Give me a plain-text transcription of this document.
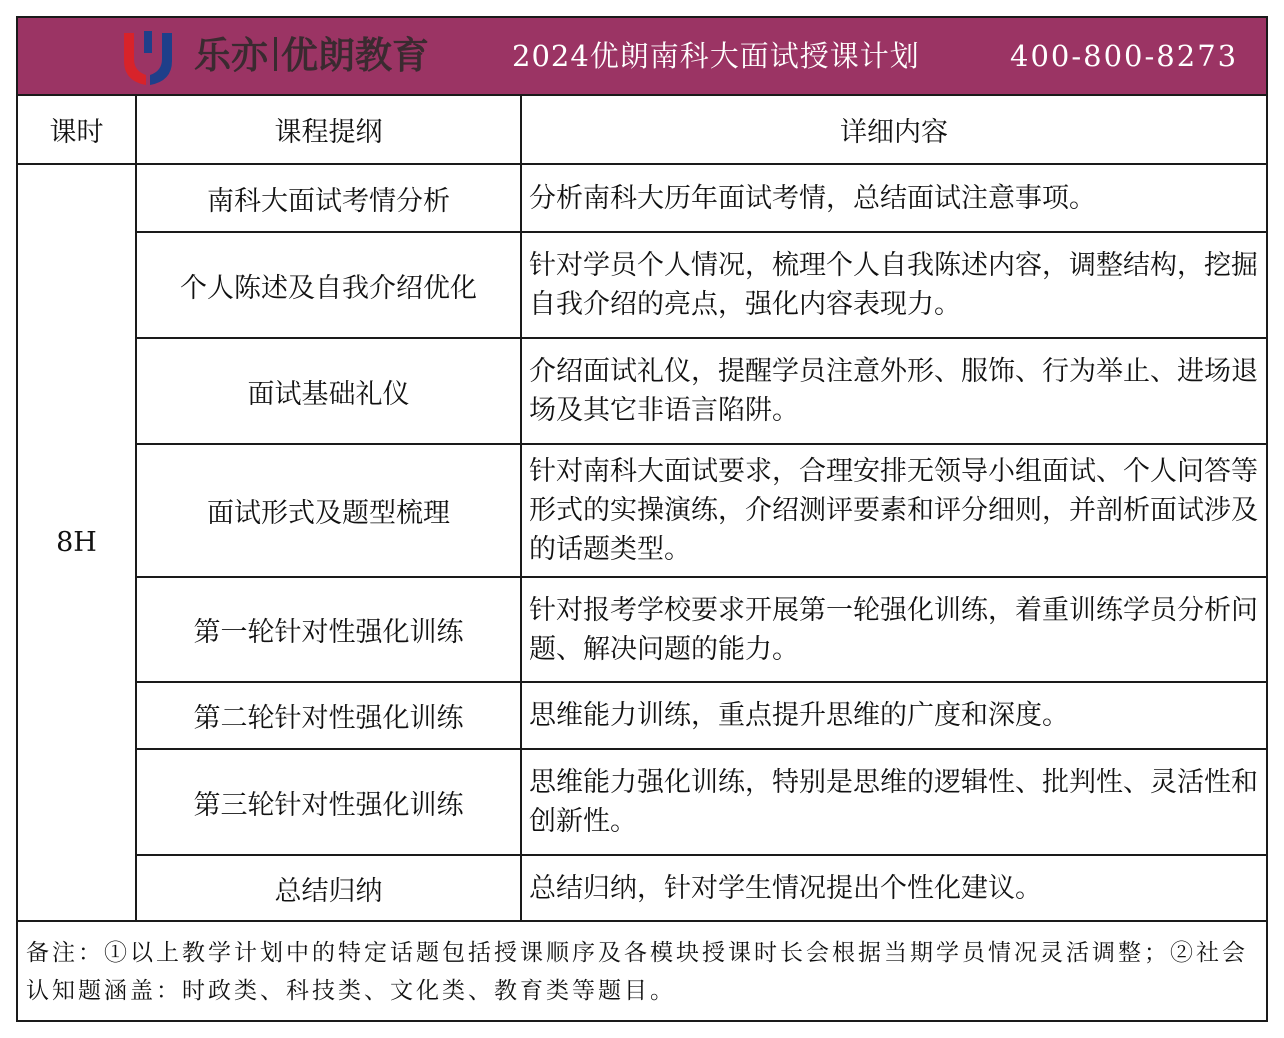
乐亦 优朗教育	2024优朗南科大面试授课计划	400-800-8273
课时	课程提纲	详细内容
8H	南科大面试考情分析	分析南科大历年面试考情，总结面试注意事项。
	个人陈述及自我介绍优化	针对学员个人情况，梳理个人自我陈述内容，调整结构，挖掘自我介绍的亮点，强化内容表现力。
	面试基础礼仪	介绍面试礼仪，提醒学员注意外形、服饰、行为举止、进场退场及其它非语言陷阱。
	面试形式及题型梳理	针对南科大面试要求，合理安排无领导小组面试、个人问答等形式的实操演练，介绍测评要素和评分细则，并剖析面试涉及的话题类型。
	第一轮针对性强化训练	针对报考学校要求开展第一轮强化训练，着重训练学员分析问题、解决问题的能力。
	第二轮针对性强化训练	思维能力训练，重点提升思维的广度和深度。
	第三轮针对性强化训练	思维能力强化训练，特别是思维的逻辑性、批判性、灵活性和创新性。
	总结归纳	总结归纳，针对学生情况提出个性化建议。
备注：①以上教学计划中的特定话题包括授课顺序及各模块授课时长会根据当期学员情况灵活调整；②社会认知题涵盖：时政类、科技类、文化类、教育类等题目。
